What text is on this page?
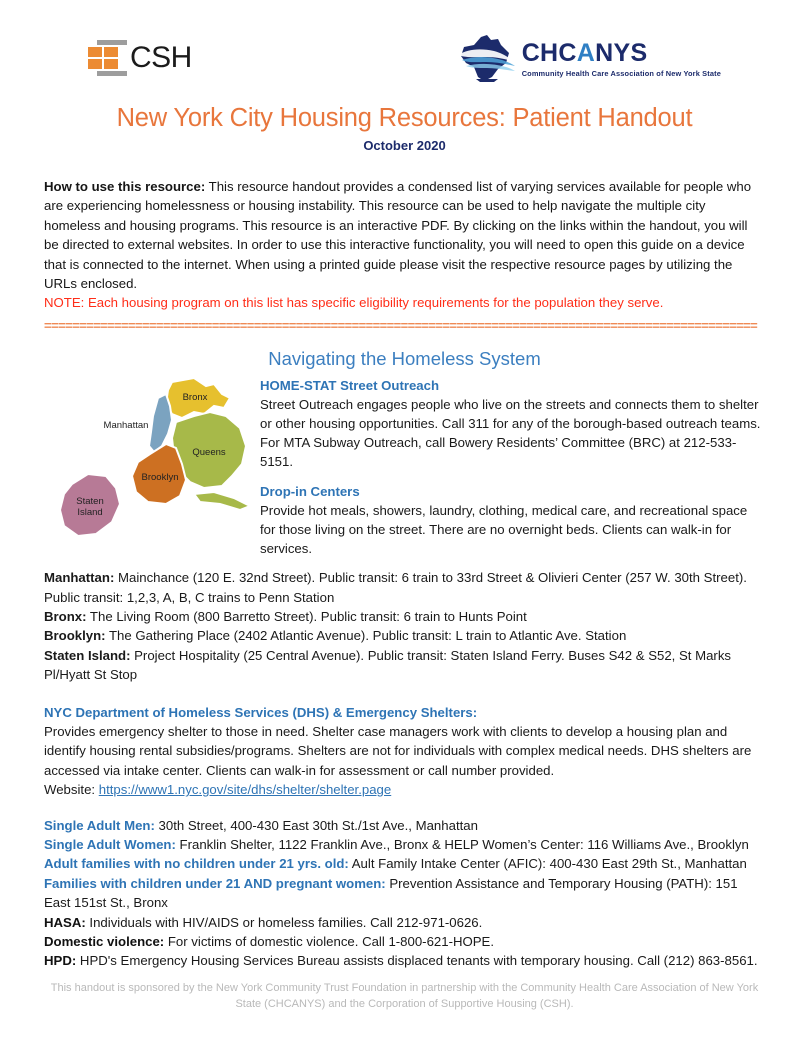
CSH	CHCANYS
Community Health Care Association of New York State
New York City Housing Resources: Patient Handout
October 2020
How to use this resource: This resource handout provides a condensed list of varying services available for people who are experiencing homelessness or housing instability. This resource can be used to help navigate the multiple city homeless and housing programs. This resource is an interactive PDF. By clicking on the links within the handout, you will be directed to external websites. In order to use this interactive functionality, you will need to open this guide on a device that is connected to the internet. When using a printed guide please visit the respective resource pages by utilizing the URLs enclosed.
NOTE: Each housing program on this list has specific eligibility requirements for the population they serve.
======================================================================================================
Navigating the Homeless System
Bronx
Manhattan
Queens
Brooklyn
Staten
Island
HOME-STAT Street Outreach
Street Outreach engages people who live on the streets and connects them to shelter or other housing opportunities. Call 311 for any of the borough-based outreach teams. For MTA Subway Outreach, call Bowery Residents’ Committee (BRC) at 212-533-5151.
Drop-in Centers
Provide hot meals, showers, laundry, clothing, medical care, and recreational space for those living on the street. There are no overnight beds. Clients can walk-in for services.
Manhattan: Mainchance (120 E. 32nd Street). Public transit: 6 train to 33rd Street & Olivieri Center (257 W. 30th Street). Public transit: 1,2,3, A, B, C trains to Penn Station
Bronx: The Living Room (800 Barretto Street). Public transit: 6 train to Hunts Point
Brooklyn: The Gathering Place (2402 Atlantic Avenue). Public transit: L train to Atlantic Ave. Station
Staten Island: Project Hospitality (25 Central Avenue). Public transit: Staten Island Ferry. Buses S42 & S52, St Marks Pl/Hyatt St Stop
NYC Department of Homeless Services (DHS) & Emergency Shelters:
Provides emergency shelter to those in need. Shelter case managers work with clients to develop a housing plan and identify housing rental subsidies/programs. Shelters are not for individuals with complex medical needs. DHS shelters are accessed via intake center. Clients can walk-in for assessment or call number provided.
Website: https://www1.nyc.gov/site/dhs/shelter/shelter.page
Single Adult Men: 30th Street, 400-430 East 30th St./1st Ave., Manhattan
Single Adult Women: Franklin Shelter, 1122 Franklin Ave., Bronx & HELP Women’s Center: 116 Williams Ave., Brooklyn
Adult families with no children under 21 yrs. old: Ault Family Intake Center (AFIC): 400-430 East 29th St., Manhattan
Families with children under 21 AND pregnant women: Prevention Assistance and Temporary Housing (PATH): 151 East 151st St., Bronx
HASA: Individuals with HIV/AIDS or homeless families. Call 212-971-0626.
Domestic violence: For victims of domestic violence. Call 1-800-621-HOPE.
HPD: HPD's Emergency Housing Services Bureau assists displaced tenants with temporary housing. Call (212) 863-8561.
This handout is sponsored by the New York Community Trust Foundation in partnership with the Community Health Care Association of New York State (CHCANYS) and the Corporation of Supportive Housing (CSH).
